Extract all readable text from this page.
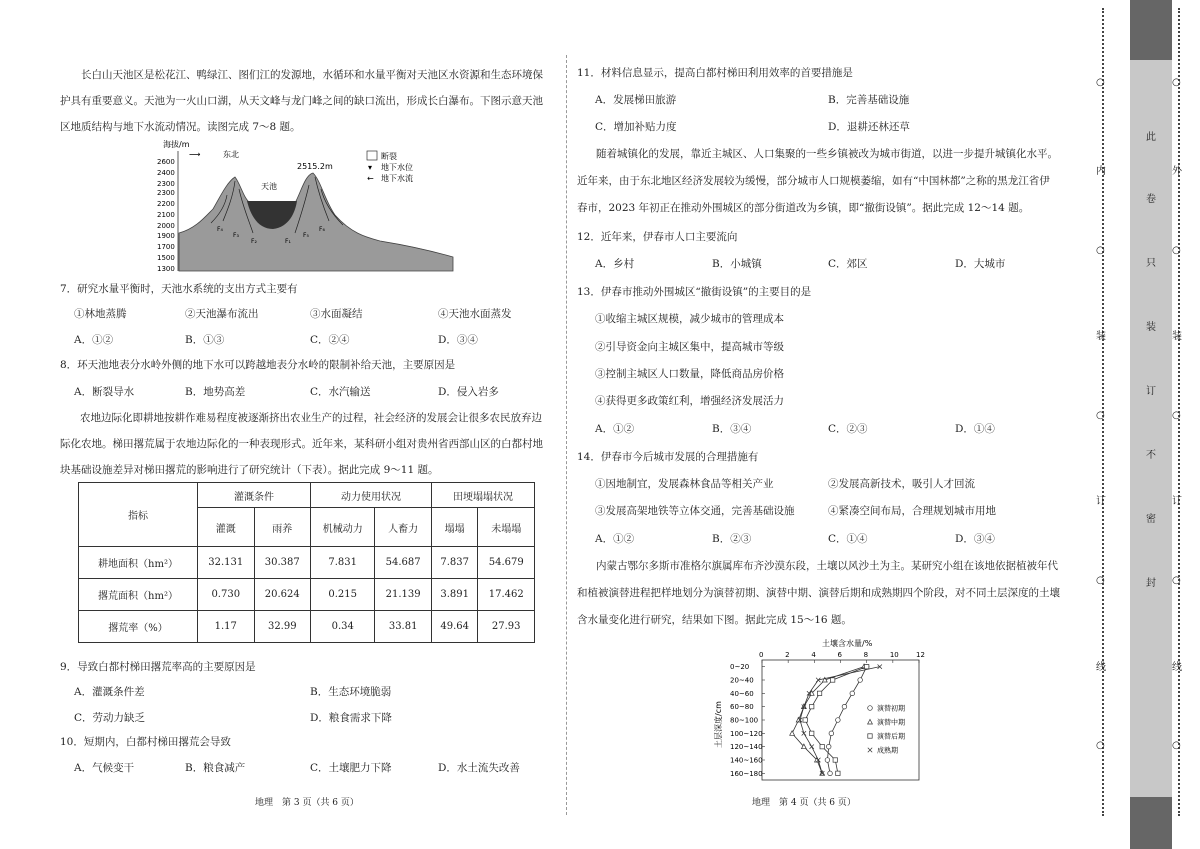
长白山天池区是松花江、鸭绿江、图们江的发源地，水循环和水量平衡对天池区水资源和生态环境保
护具有重要意义。天池为一火山口湖，从天文峰与龙门峰之间的缺口流出，形成长白瀑布。下图示意天池
区地质结构与地下水流动情况。读图完成 7～8 题。
海拔/m
2600
2400
2300
2300
2200
2100
2000
1900
1700
1500
1300
⟶	东北
天池
2515.2m
F₄
F₃
F₂	F₁
F₅
F₆
断裂
▾ 地下水位
← 地下水流
7．研究水量平衡时，天池水系统的支出方式主要有
①林地蒸腾	②天池瀑布流出	③水面凝结	④天池水面蒸发
A．①②	B．①③	C．②④	D．③④
8．环天池地表分水岭外侧的地下水可以跨越地表分水岭的限制补给天池，主要原因是
A．断裂导水	B．地势高差	C．水汽输送	D．侵入岩多
农地边际化即耕地按耕作难易程度被逐渐挤出农业生产的过程，社会经济的发展会让很多农民放弃边
际化农地。梯田撂荒属于农地边际化的一种表现形式。近年来，某科研小组对贵州省西部山区的白都村地
块基础设施差异对梯田撂荒的影响进行了研究统计（下表）。据此完成 9～11 题。
指标	灌溉条件		动力使用状况		田埂塌塌状况	
	灌溉	雨养	机械动力	人畜力	塌塌	未塌塌
耕地面积（hm²）	32.131	30.387	7.831	54.687	7.837	54.679
撂荒面积（hm²）	0.730	20.624	0.215	21.139	3.891	17.462
撂荒率（%）	1.17	32.99	0.34	33.81	49.64	27.93
9．导致白都村梯田撂荒率高的主要原因是
A．灌溉条件差	B．生态环境脆弱
C．劳动力缺乏	D．粮食需求下降
10．短期内，白都村梯田撂荒会导致
A．气候变干	B．粮食减产	C．土壤肥力下降	D．水土流失改善
地理　第 3 页（共 6 页）
11．材料信息显示，提高白都村梯田利用效率的首要措施是
A．发展梯田旅游	B．完善基础设施
C．增加补贴力度	D．退耕还林还草
随着城镇化的发展，靠近主城区、人口集聚的一些乡镇被改为城市街道，以进一步提升城镇化水平。
近年来，由于东北地区经济发展较为缓慢，部分城市人口规模萎缩，如有“中国林都”之称的黑龙江省伊
春市，2023 年初正在推动外围城区的部分街道改为乡镇，即“撤街设镇”。据此完成 12～14 题。
12．近年来，伊春市人口主要流向
A．乡村	B．小城镇	C．郊区	D．大城市
13．伊春市推动外围城区“撤街设镇”的主要目的是
①收缩主城区规模，减少城市的管理成本
②引导资金向主城区集中，提高城市等级
③控制主城区人口数量，降低商品房价格
④获得更多政策红利，增强经济发展活力
A．①②	B．③④	C．②③	D．①④
14．伊春市今后城市发展的合理措施有
①因地制宜，发展森林食品等相关产业	②发展高新技术，吸引人才回流
③发展高架地铁等立体交通，完善基础设施	④紧凑空间布局，合理规划城市用地
A．①②	B．②③	C．①④	D．③④
内蒙古鄂尔多斯市准格尔旗属库布齐沙漠东段，土壤以风沙土为主。某研究小组在该地依据植被年代
和植被演替进程把样地划分为演替初期、演替中期、演替后期和成熟期四个阶段，对不同土层深度的土壤
含水量变化进行研究，结果如下图。据此完成 15～16 题。
土壤含水量/%
土层深度/cm
0	2	4	6	8	10 12
0~20
20~40
40~60
60~80
80~100
100~120
120~140
140~160
160~180
演替初期
演替中期
演替后期
成熟期
地理　第 4 页（共 6 页）
○
内
○
装
○
订
○
线
○
此
卷
只
装
订
不
密
封
○
外
○
装
○
订
○
线
○
